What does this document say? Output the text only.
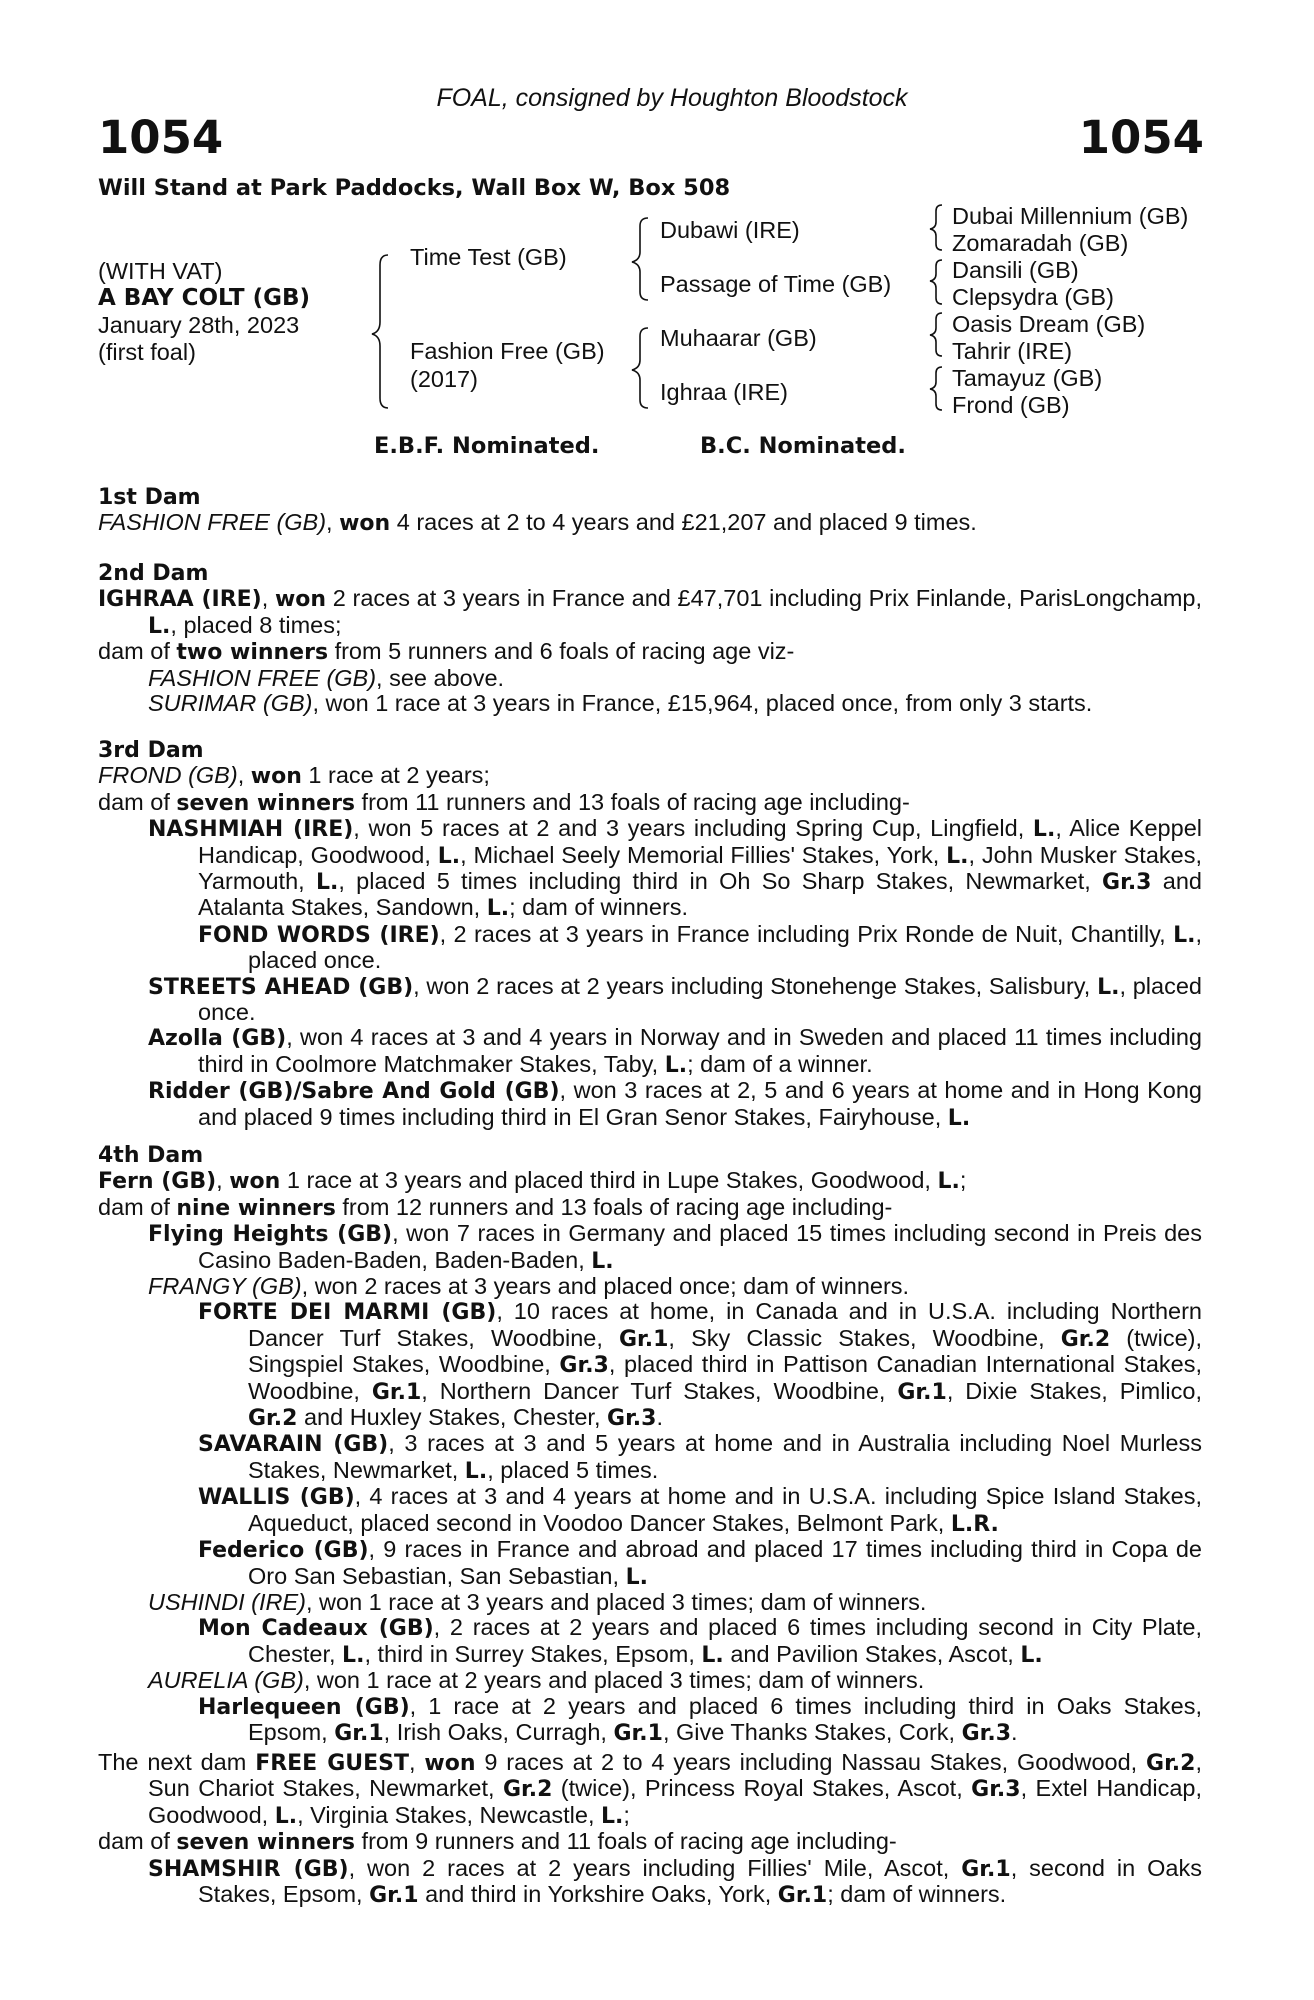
FOAL, consigned by Houghton Bloodstock
1054	1054
Will Stand at Park Paddocks, Wall Box W, Box 508
(WITH VAT)
A BAY COLT (GB)
January 28th, 2023
(first foal)
Time Test (GB)
Fashion Free (GB)
(2017)
Dubawi (IRE)
Passage of Time (GB)
Muhaarar (GB)
Ighraa (IRE)
Dubai Millennium (GB)
Zomaradah (GB)
Dansili (GB)
Clepsydra (GB)
Oasis Dream (GB)
Tahrir (IRE)
Tamayuz (GB)
Frond (GB)
E.B.F. Nominated.	B.C. Nominated.
1st Dam
FASHION FREE (GB), won 4 races at 2 to 4 years and £21,207 and placed 9 times.
2nd Dam
IGHRAA (IRE), won 2 races at 3 years in France and £47,701 including Prix Finlande, ParisLongchamp, L., placed 8 times;
dam of two winners from 5 runners and 6 foals of racing age viz-
FASHION FREE (GB), see above.
SURIMAR (GB), won 1 race at 3 years in France, £15,964, placed once, from only 3 starts.
3rd Dam
FROND (GB), won 1 race at 2 years;
dam of seven winners from 11 runners and 13 foals of racing age including-
NASHMIAH (IRE), won 5 races at 2 and 3 years including Spring Cup, Lingfield, L., Alice Keppel Handicap, Goodwood, L., Michael Seely Memorial Fillies' Stakes, York, L., John Musker Stakes, Yarmouth, L., placed 5 times including third in Oh So Sharp Stakes, Newmarket, Gr.3 and Atalanta Stakes, Sandown, L.; dam of winners.
FOND WORDS (IRE), 2 races at 3 years in France including Prix Ronde de Nuit, Chantilly, L., placed once.
STREETS AHEAD (GB), won 2 races at 2 years including Stonehenge Stakes, Salisbury, L., placed once.
Azolla (GB), won 4 races at 3 and 4 years in Norway and in Sweden and placed 11 times including third in Coolmore Matchmaker Stakes, Taby, L.; dam of a winner.
Ridder (GB)/Sabre And Gold (GB), won 3 races at 2, 5 and 6 years at home and in Hong Kong and placed 9 times including third in El Gran Senor Stakes, Fairyhouse, L.
4th Dam
Fern (GB), won 1 race at 3 years and placed third in Lupe Stakes, Goodwood, L.;
dam of nine winners from 12 runners and 13 foals of racing age including-
Flying Heights (GB), won 7 races in Germany and placed 15 times including second in Preis des Casino Baden-Baden, Baden-Baden, L.
FRANGY (GB), won 2 races at 3 years and placed once; dam of winners.
FORTE DEI MARMI (GB), 10 races at home, in Canada and in U.S.A. including Northern Dancer Turf Stakes, Woodbine, Gr.1, Sky Classic Stakes, Woodbine, Gr.2 (twice), Singspiel Stakes, Woodbine, Gr.3, placed third in Pattison Canadian International Stakes, Woodbine, Gr.1, Northern Dancer Turf Stakes, Woodbine, Gr.1, Dixie Stakes, Pimlico, Gr.2 and Huxley Stakes, Chester, Gr.3.
SAVARAIN (GB), 3 races at 3 and 5 years at home and in Australia including Noel Murless Stakes, Newmarket, L., placed 5 times.
WALLIS (GB), 4 races at 3 and 4 years at home and in U.S.A. including Spice Island Stakes, Aqueduct, placed second in Voodoo Dancer Stakes, Belmont Park, L.R.
Federico (GB), 9 races in France and abroad and placed 17 times including third in Copa de Oro San Sebastian, San Sebastian, L.
USHINDI (IRE), won 1 race at 3 years and placed 3 times; dam of winners.
Mon Cadeaux (GB), 2 races at 2 years and placed 6 times including second in City Plate, Chester, L., third in Surrey Stakes, Epsom, L. and Pavilion Stakes, Ascot, L.
AURELIA (GB), won 1 race at 2 years and placed 3 times; dam of winners.
Harlequeen (GB), 1 race at 2 years and placed 6 times including third in Oaks Stakes, Epsom, Gr.1, Irish Oaks, Curragh, Gr.1, Give Thanks Stakes, Cork, Gr.3.
The next dam FREE GUEST, won 9 races at 2 to 4 years including Nassau Stakes, Goodwood, Gr.2, Sun Chariot Stakes, Newmarket, Gr.2 (twice), Princess Royal Stakes, Ascot, Gr.3, Extel Handicap, Goodwood, L., Virginia Stakes, Newcastle, L.;
dam of seven winners from 9 runners and 11 foals of racing age including-
SHAMSHIR (GB), won 2 races at 2 years including Fillies' Mile, Ascot, Gr.1, second in Oaks Stakes, Epsom, Gr.1 and third in Yorkshire Oaks, York, Gr.1; dam of winners.
